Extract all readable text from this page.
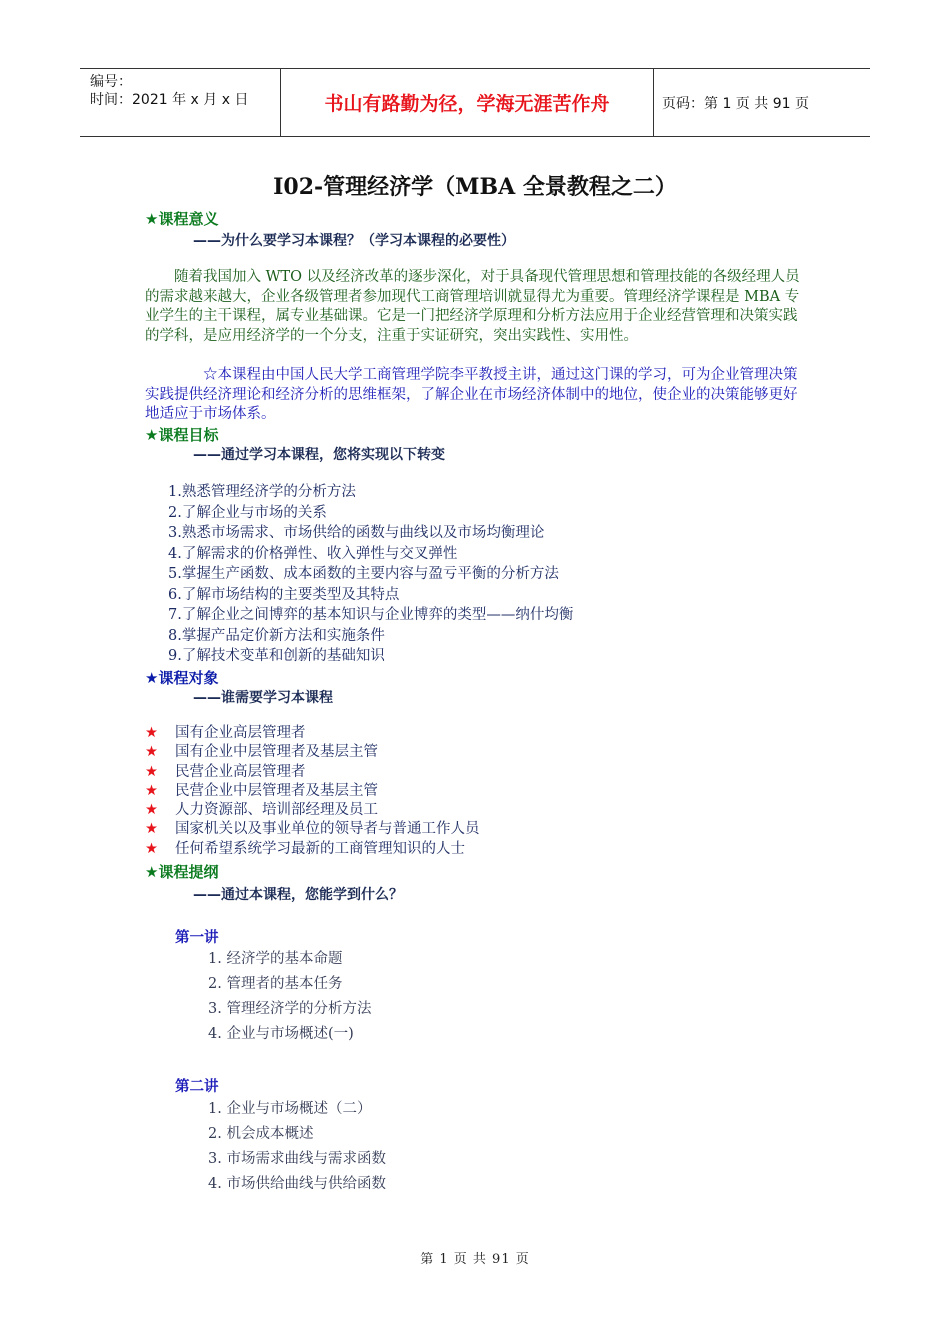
编号：
时间：2021 年 x 月 x 日	书山有路勤为径，学海无涯苦作舟	页码：第 1 页 共 91 页
I02-管理经济学（MBA 全景教程之二）
★课程意义
——为什么要学习本课程？（学习本课程的必要性）
　　随着我国加入 WTO 以及经济改革的逐步深化，对于具备现代管理思想和管理技能的各级经理人员的需求越来越大，企业各级管理者参加现代工商管理培训就显得尤为重要。管理经济学课程是 MBA 专业学生的主干课程，属专业基础课。它是一门把经济学原理和分析方法应用于企业经营管理和决策实践的学科，是应用经济学的一个分支，注重于实证研究，突出实践性、实用性。
　　　　☆本课程由中国人民大学工商管理学院李平教授主讲，通过这门课的学习，可为企业管理决策实践提供经济理论和经济分析的思维框架，了解企业在市场经济体制中的地位，使企业的决策能够更好地适应于市场体系。
★课程目标
——通过学习本课程，您将实现以下转变
1.熟悉管理经济学的分析方法
2.了解企业与市场的关系
3.熟悉市场需求、市场供给的函数与曲线以及市场均衡理论
4.了解需求的价格弹性、收入弹性与交叉弹性
5.掌握生产函数、成本函数的主要内容与盈亏平衡的分析方法
6.了解市场结构的主要类型及其特点
7.了解企业之间博弈的基本知识与企业博弈的类型——纳什均衡
8.掌握产品定价新方法和实施条件
9.了解技术变革和创新的基础知识
★课程对象
——谁需要学习本课程
★ 国有企业高层管理者
★ 国有企业中层管理者及基层主管
★ 民营企业高层管理者
★ 民营企业中层管理者及基层主管
★ 人力资源部、培训部经理及员工
★ 国家机关以及事业单位的领导者与普通工作人员
★ 任何希望系统学习最新的工商管理知识的人士
★课程提纲
——通过本课程，您能学到什么？
第一讲
1. 经济学的基本命题
2. 管理者的基本任务
3. 管理经济学的分析方法
4. 企业与市场概述(一)
第二讲
1. 企业与市场概述（二）
2. 机会成本概述
3. 市场需求曲线与需求函数
4. 市场供给曲线与供给函数
第 1 页 共 91 页
